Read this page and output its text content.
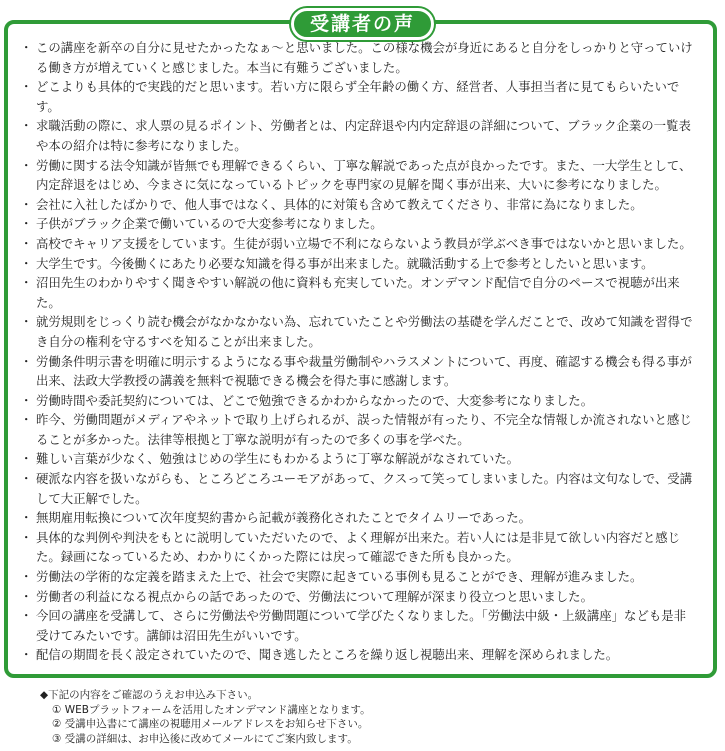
・ この講座を新卒の自分に見せたかったなぁ～と思いました。この様な機会が身近にあると自分をしっかりと守っていける働き方が増えていくと感じました。本当に有難うございました。
・ どこよりも具体的で実践的だと思います。若い方に限らず全年齢の働く方、経営者、人事担当者に見てもらいたいです。
・ 求職活動の際に、求人票の見るポイント、労働者とは、内定辞退や内内定辞退の詳細について、ブラック企業の一覧表や本の紹介は特に参考になりました。
・ 労働に関する法令知識が皆無でも理解できるくらい、丁寧な解説であった点が良かったです。また、一大学生として、内定辞退をはじめ、今まさに気になっているトピックを専門家の見解を聞く事が出来、大いに参考になりました。
・ 会社に入社したばかりで、他人事ではなく、具体的に対策も含めて教えてくださり、非常に為になりました。
・ 子供がブラック企業で働いているので大変参考になりました。
・ 高校でキャリア支援をしています。生徒が弱い立場で不利にならないよう教員が学ぶべき事ではないかと思いました。
・ 大学生です。今後働くにあたり必要な知識を得る事が出来ました。就職活動する上で参考としたいと思います。
・ 沼田先生のわかりやすく聞きやすい解説の他に資料も充実していた。オンデマンド配信で自分のペースで視聴が出来た。
・ 就労規則をじっくり読む機会がなかなかない為、忘れていたことや労働法の基礎を学んだことで、改めて知識を習得でき自分の権利を守るすべを知ることが出来ました。
・ 労働条件明示書を明確に明示するようになる事や裁量労働制やハラスメントについて、再度、確認する機会も得る事が出来、法政大学教授の講義を無料で視聴できる機会を得た事に感謝します。
・ 労働時間や委託契約については、どこで勉強できるかわからなかったので、大変参考になりました。
・ 昨今、労働問題がメディアやネットで取り上げられるが、誤った情報が有ったり、不完全な情報しか流されないと感じることが多かった。法律等根拠と丁寧な説明が有ったので多くの事を学べた。
・ 難しい言葉が少なく、勉強はじめの学生にもわかるように丁寧な解説がなされていた。
・ 硬派な内容を扱いながらも、ところどころユーモアがあって、クスって笑ってしまいました。内容は文句なしで、受講して大正解でした。
・ 無期雇用転換について次年度契約書から記載が義務化されたことでタイムリーであった。
・ 具体的な判例や判決をもとに説明していただいたので、よく理解が出来た。若い人には是非見て欲しい内容だと感じた。録画になっているため、わかりにくかった際には戻って確認できた所も良かった。
・ 労働法の学術的な定義を踏まえた上で、社会で実際に起きている事例も見ることができ、理解が進みました。
・ 労働者の利益になる視点からの話であったので、労働法について理解が深まり役立つと思いました。
・ 今回の講座を受講して、さらに労働法や労働問題について学びたくなりました。「労働法中級・上級講座」なども是非受けてみたいです。講師は沼田先生がいいです。
・ 配信の期間を長く設定されていたので、聞き逃したところを繰り返し視聴出来、理解を深められました。
受講者の声
◆下記の内容をご確認のうえお申込み下さい。
① WEBプラットフォームを活用したオンデマンド講座となります。
② 受講申込書にて講座の視聴用メールアドレスをお知らせ下さい。
③ 受講の詳細は、お申込後に改めてメールにてご案内致します。
